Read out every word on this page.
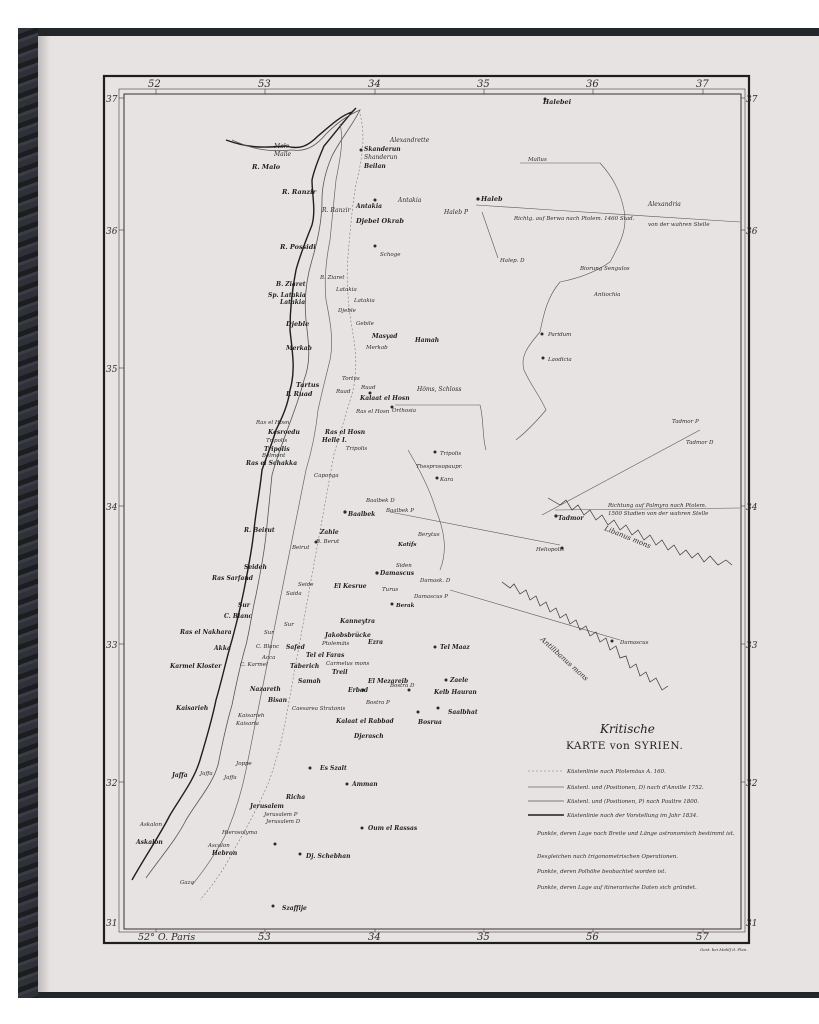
52	53	34	35	36	37
52° O. Paris	53	34	35	56	57
37
36
35
34
33
32
31
37
36
34
33
32
31
Halebei
R. Malo
Malo
Malle
Skanderun
Shanderun
Beilan
Alexandrette
R. Ranzir
R. Ranzir
Antakia
Antakia
Djebel Okrab
R. Possidi
Schoge
Haleb
Haleb P
Richtg. auf Berwa nach Ptolem. 1460 Stad.
Halep. D
Mallus
Alexandria
von der wahren Stelle
Biorung Sengulos
Antiochia
B. Ziaret
B. Ziaret
Sp. Latakia
Latakia
Latakia
Latakia
Djeble
Djeble
Gebile
Masyad
Hamah
Merkab	Merkab
Paridum
Laodicia
Tartus
I. Ruad
Tortus
Ruad
Ruad
Kalaat el Hosn
Höms, Schloss
Orthosia
Ras el Hosn
Ras el Hosn
Ras el Hosn
Kesroedu
Helle I.
Tripolis
Tripolis	Tripolis
Belmont
Ras el Schakka
Caponga
Tripolis
Thesprosopaupr.
Kara
Tadmor P
Tadmor D
Baalbek D
Baalbek Baalbek P
Tadmor
Richtung auf Palmyra nach Ptolem.
1500 Stadien von der wahren Stelle
Libanus mons
R. Beirut	Zahle
B. Berut
Beirut
Berytus
Katifs
Heliopolis
Siden
Damascus
Seideh
Ras Sarfand
Seide
Saida
El Kesrue
Damask. D
Turus
Damascus P
Berak
Sur
C. Blanc
Ras el Nakhara
Sur
Sur
Kanneytra
Akka	C. Blanc Safed
Jakobsbrücke
Ptolemäis	Ezra
Tel Maaz
Damascus
Karmel Kloster
Acca	Tel el Faras
C. Karmel	Carmelus mons
Taberich
Treil
Zaele	Antilibanus mons
Samah	El Mezareib
Nazareth	Erbad
Bostra D
Kelb Hauran
Bisan	Bostra P
Kaisarieh	Caesarea Stratonis
Kalaat el Rabbad
Saalbhat
Bosrua
Kaisarieh
Kaisaria
Djerasch
Jaffa Jaffa
Joppe
Jaffa
Es Szalt
Amman
Askalon
Richa
Jerusalem
Jerusalem P
Jerusalem D
Askalon
Hierosolyma
Oum el Rassas
Ascalon
Hebron	Dj. Schebhan
Gaza
Szaffije
Kritische
KARTE von SYRIEN.
Küstenlinie nach Ptolemäus A. 160.
Küstenl. und (Positionen, D) nach d'Anville 1752.
Küstenl. und (Positionen, P) nach Paultre 1800.
Küstenlinie nach der Vorstellung im Jahr 1834.
Punkte, deren Lage nach Breite und Länge astronomisch bestimmt ist.
Desgleichen nach trigonometrischen Operationen.
Punkte, deren Polhöhe beobachtet worden ist.
Punkte, deren Lage auf itinerarische Daten sich gründet.
Gest. bei Mahlf d. Plan.
